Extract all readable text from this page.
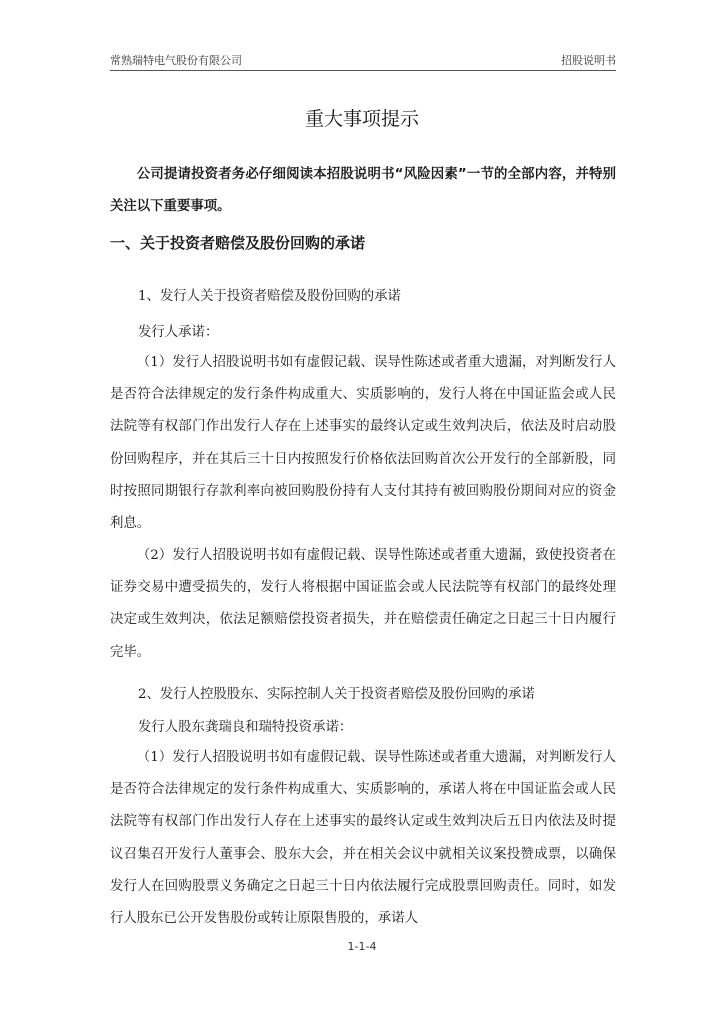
常熟瑞特电气股份有限公司	招股说明书
重大事项提示

公司提请投资者务必仔细阅读本招股说明书“风险因素”一节的全部内容，并特别关注以下重要事项。

一、关于投资者赔偿及股份回购的承诺
1、发行人关于投资者赔偿及股份回购的承诺
发行人承诺：

（1）发行人招股说明书如有虚假记载、误导性陈述或者重大遗漏，对判断发行人是否符合法律规定的发行条件构成重大、实质影响的，发行人将在中国证监会或人民法院等有权部门作出发行人存在上述事实的最终认定或生效判决后，依法及时启动股份回购程序，并在其后三十日内按照发行价格依法回购首次公开发行的全部新股，同时按照同期银行存款利率向被回购股份持有人支付其持有被回购股份期间对应的资金利息。

（2）发行人招股说明书如有虚假记载、误导性陈述或者重大遗漏，致使投资者在证券交易中遭受损失的，发行人将根据中国证监会或人民法院等有权部门的最终处理决定或生效判决，依法足额赔偿投资者损失，并在赔偿责任确定之日起三十日内履行完毕。

2、发行人控股股东、实际控制人关于投资者赔偿及股份回购的承诺
发行人股东龚瑞良和瑞特投资承诺：

（1）发行人招股说明书如有虚假记载、误导性陈述或者重大遗漏，对判断发行人是否符合法律规定的发行条件构成重大、实质影响的，承诺人将在中国证监会或人民法院等有权部门作出发行人存在上述事实的最终认定或生效判决后五日内依法及时提议召集召开发行人董事会、股东大会，并在相关会议中就相关议案投赞成票，以确保发行人在回购股票义务确定之日起三十日内依法履行完成股票回购责任。同时，如发行人股东已公开发售股份或转让原限售股的，承诺人

1-1-4
